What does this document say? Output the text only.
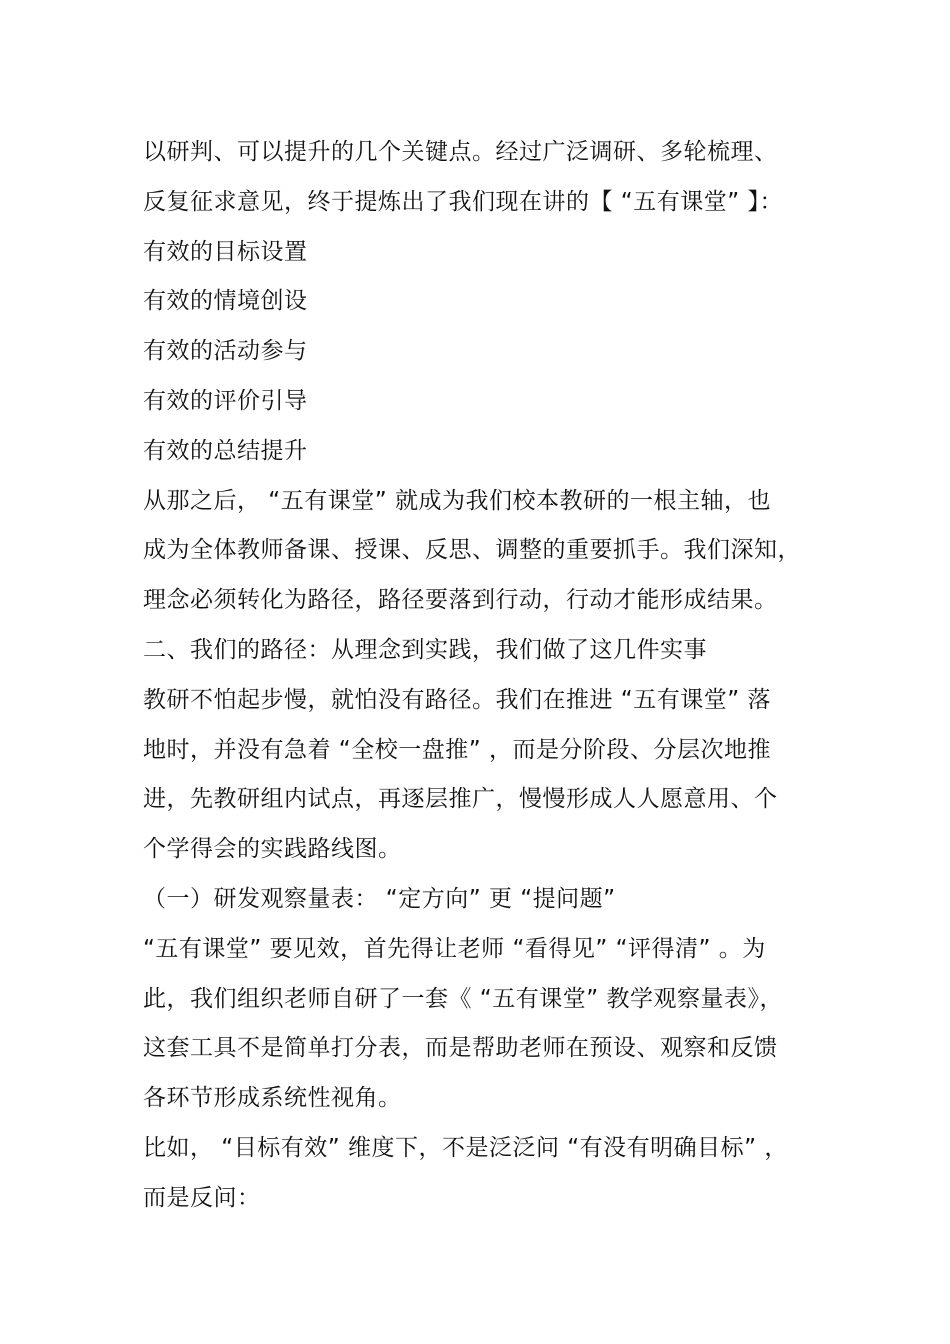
以研判、可以提升的几个关键点。经过广泛调研、多轮梳理、
反复征求意见，终于提炼出了我们现在讲的【 “五有课堂” 】：
有效的目标设置
有效的情境创设
有效的活动参与
有效的评价引导
有效的总结提升
从那之后， “五有课堂” 就成为我们校本教研的一根主轴，也
成为全体教师备课、授课、反思、调整的重要抓手。我们深知，
理念必须转化为路径，路径要落到行动，行动才能形成结果。
二、我们的路径：从理念到实践，我们做了这几件实事
教研不怕起步慢，就怕没有路径。我们在推进 “五有课堂” 落
地时，并没有急着 “全校一盘推” ，而是分阶段、分层次地推
进，先教研组内试点，再逐层推广，慢慢形成人人愿意用、个
个学得会的实践路线图。
（一）研发观察量表： “定方向” 更 “提问题”
“五有课堂” 要见效，首先得让老师 “看得见” “评得清” 。为
此，我们组织老师自研了一套《 “五有课堂” 教学观察量表》，
这套工具不是简单打分表，而是帮助老师在预设、观察和反馈
各环节形成系统性视角。
比如， “目标有效” 维度下，不是泛泛问 “有没有明确目标” ，
而是反问：
